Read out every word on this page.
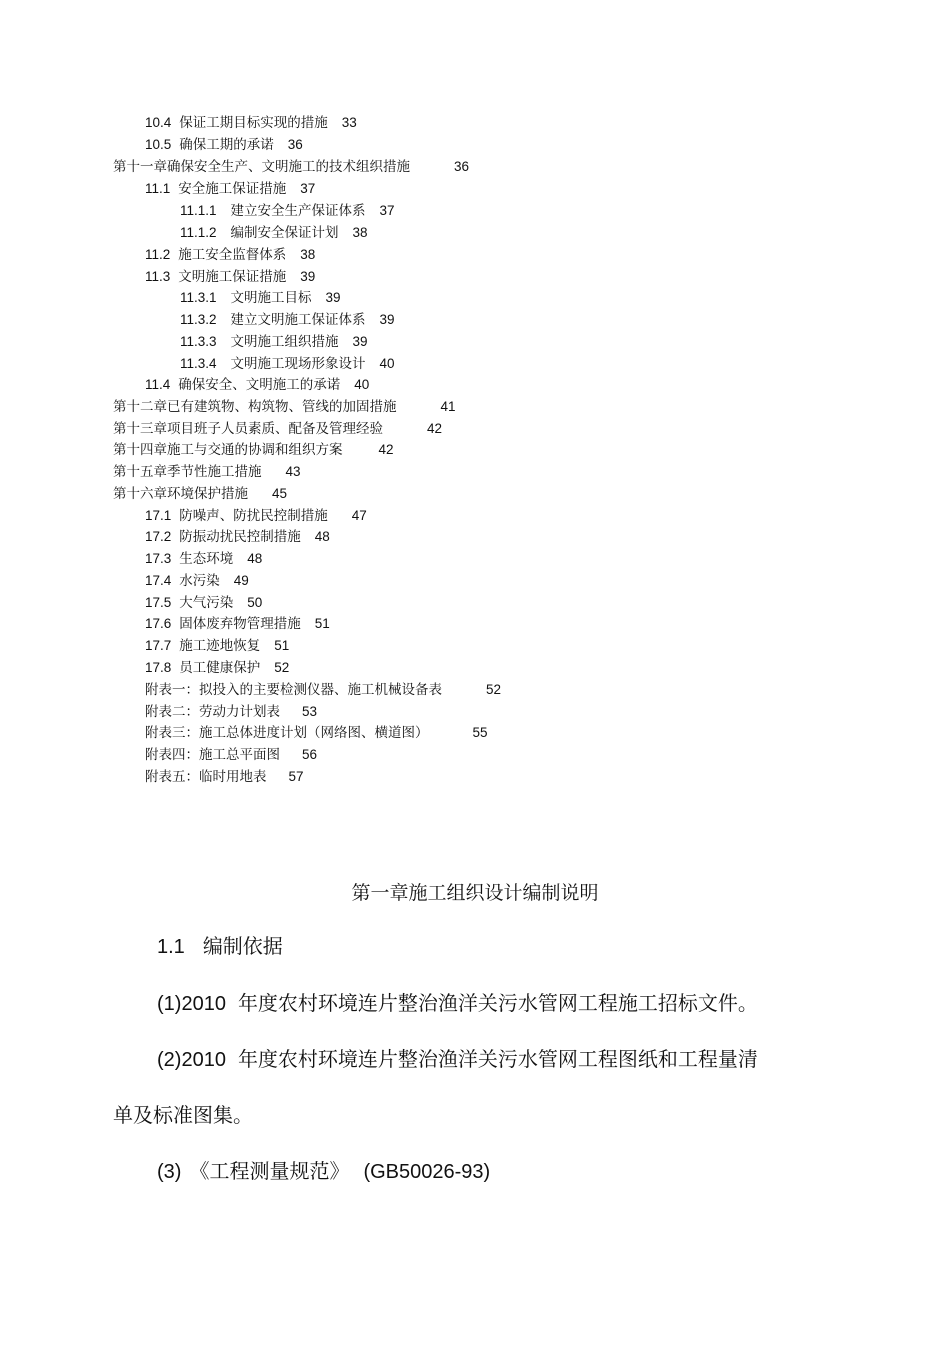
10.4 保证工期目标实现的措施 33
10.5 确保工期的承诺 36
第十一章确保安全生产、文明施工的技术组织措施	36
11.1 安全施工保证措施 37
11.1.1 建立安全生产保证体系 37
11.1.2 编制安全保证计划 38
11.2 施工安全监督体系 38
11.3 文明施工保证措施 39
11.3.1 文明施工目标 39
11.3.2 建立文明施工保证体系 39
11.3.3 文明施工组织措施 39
11.3.4 文明施工现场形象设计 40
11.4 确保安全、文明施工的承诺 40
第十二章已有建筑物、构筑物、管线的加固措施	41
第十三章项目班子人员素质、配备及管理经验	42
第十四章施工与交通的协调和组织方案	42
第十五章季节性施工措施 43
第十六章环境保护措施 45
17.1 防噪声、防扰民控制措施 47
17.2 防振动扰民控制措施 48
17.3 生态环境 48
17.4 水污染 49
17.5 大气污染 50
17.6 固体废弃物管理措施 51
17.7 施工迹地恢复 51
17.8 员工健康保护 52
附表一：拟投入的主要检测仪器、施工机械设备表	52
附表二：劳动力计划表 53
附表三：施工总体进度计划（网络图、横道图）	55
附表四：施工总平面图 56
附表五：临时用地表 57
第一章施工组织设计编制说明
1.1 编制依据
(1)2010 年度农村环境连片整治渔洋关污水管网工程施工招标文件。
(2)2010 年度农村环境连片整治渔洋关污水管网工程图纸和工程量清
单及标准图集。
(3) 《工程测量规范》 (GB50026-93)
